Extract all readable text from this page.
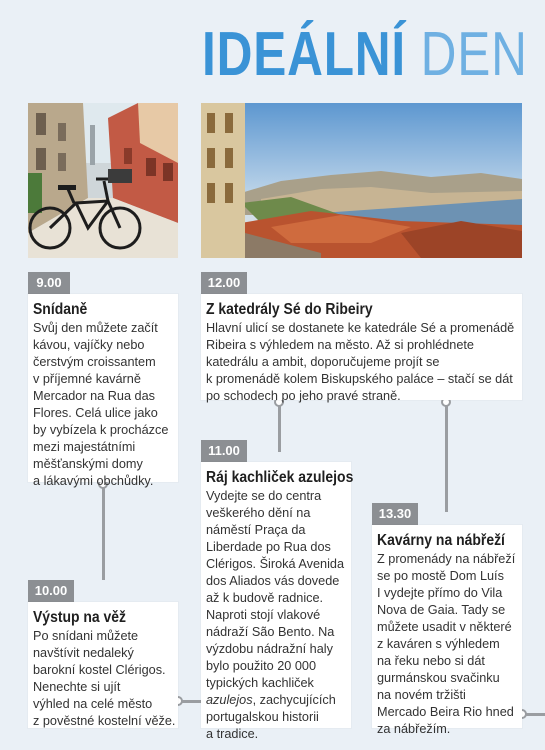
IDEÁLNÍ DEN
9.00
Snídaně
Svůj den můžete začít
kávou, vajíčky nebo
čerstvým croissantem
v příjemné kavárně
Mercador na Rua das
Flores. Celá ulice jako
by vybízela k procházce
mezi majestátními
měšťanskými domy
a lákavými obchůdky.
12.00
Z katedrály Sé do Ribeiry
Hlavní ulicí se dostanete ke katedrále Sé a promenádě
Ribeira s výhledem na město. Až si prohlédnete
katedrálu a ambit, doporučujeme projít se
k promenádě kolem Biskupského paláce – stačí se dát
po schodech po jeho pravé straně.
11.00
Ráj kachliček azulejos
Vydejte se do centra
veškerého dění na
náměstí Praça da
Liberdade po Rua dos
Clérigos. Široká Avenida
dos Aliados vás dovede
až k budově radnice.
Naproti stojí vlakové
nádraží São Bento. Na
výzdobu nádražní haly
bylo použito 20 000
typických kachliček
azulejos, zachycujících
portugalskou historii
a tradice.
10.00
Výstup na věž
Po snídani můžete
navštívit nedaleký
barokní kostel Clérigos.
Nenechte si ujít
výhled na celé město
z pověstné kostelní věže.
13.30
Kavárny na nábřeží
Z promenády na nábřeží
se po mostě Dom Luís
I vydejte přímo do Vila
Nova de Gaia. Tady se
můžete usadit v některé
z kaváren s výhledem
na řeku nebo si dát
gurmánskou svačinku
na novém tržišti
Mercado Beira Rio hned
za nábřežím.
